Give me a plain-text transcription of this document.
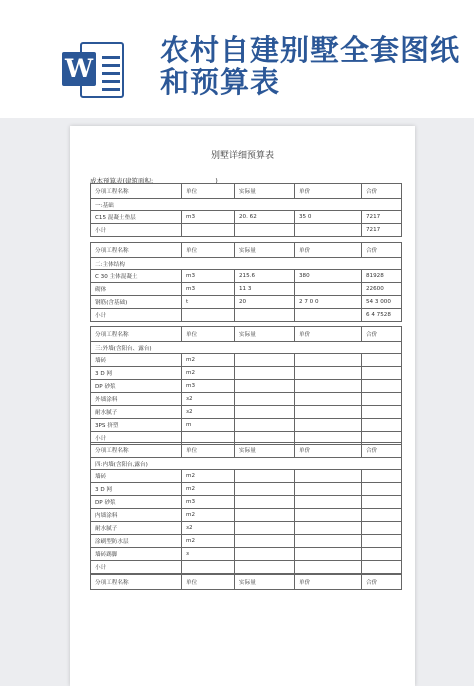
W
农村自建别墅全套图纸和预算表
别墅详细预算表
成本预算表(建筑面积:	)
分项工程名称	单位	实际量	单价	合价
一:基础				
C15 混凝土垫层	m3	20. 62	35 0	7217
小计				7217
分项工程名称	单位	实际量	单价	合价
二:主体结构				
C 30 主体混凝土	m3	215.6	380	81928
砌体	m3	11 3		22600
钢筋(含基础)	t	20	2 7 0 0	54 3 000
小计				6 4 7528
分项工程名称	单位	实际量	单价	合价
三:外墙(含阳台、露台)				
墙砖	m2			
3 D 网	m2			
DP 砂浆	m3			
外墙涂料	з2			
耐水腻子	з2			
3PS 挤塑	m			
小计				
分项工程名称	单位	实际量	单价	合价
四:内墙(含阳台,露台)				
墙砖	m2			
3 D 网	m2			
DP 砂浆	m3			
内墙涂料	m2			
耐水腻子	з2			
涂刷型防水层	m2			
墙砖踢脚	ɜ			
小计				
分项工程名称	单位	实际量	单价	合价
